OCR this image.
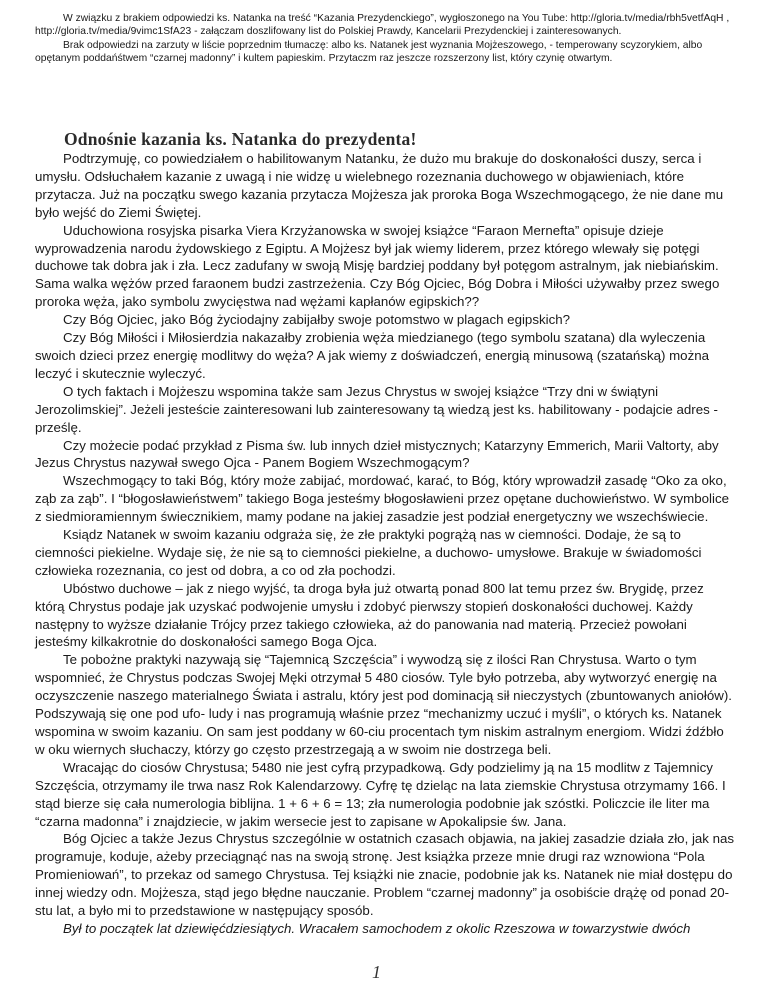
W związku z brakiem odpowiedzi ks. Natanka na treść “Kazania Prezydenckiego”, wygłoszonego na You Tube: http://gloria.tv/media/rbh5vetfAqH , http://gloria.tv/media/9vimc1SfA23 - załączam doszlifowany list do Polskiej Prawdy, Kancelarii Prezydenckiej i zainteresowanych.

Brak odpowiedzi na zarzuty w liście poprzednim tłumaczę: albo ks. Natanek jest wyznania Mojżeszowego, - temperowany scyzorykiem, albo opętanym poddańśtwem “czarnej madonny” i kultem papieskim. Przytaczm raz jeszcze rozszerzony list, który czynię otwartym.

Odnośnie kazania ks. Natanka do prezydenta!

Podtrzymuję, co powiedziałem o habilitowanym Natanku, że dużo mu brakuje do doskonałości duszy, serca i umysłu. Odsłuchałem kazanie z uwagą i nie widzę u wielebnego rozeznania duchowego w objawieniach, które przytacza. Już na początku swego kazania przytacza Mojżesza jak proroka Boga Wszechmogącego, że nie dane mu było wejść do Ziemi Świętej.

Uduchowiona rosyjska pisarka Viera Krzyżanowska w swojej książce “Faraon Mernefta” opisuje dzieje wyprowadzenia narodu żydowskiego z Egiptu. A Mojżesz był jak wiemy liderem, przez którego wlewały się potęgi duchowe tak dobra jak i zła. Lecz zadufany w swoją Misję bardziej poddany był potęgom astralnym, jak niebiańskim. Sama walka wężów przed faraonem budzi zastrzeżenia. Czy Bóg Ojciec, Bóg Dobra i Miłości używałby przez swego proroka węża, jako symbolu zwycięstwa nad wężami kapłanów egipskich??

Czy Bóg Ojciec, jako Bóg życiodajny zabijałby swoje potomstwo w plagach egipskich?

Czy Bóg Miłości i Miłosierdzia nakazałby zrobienia węża miedzianego (tego symbolu szatana) dla wyleczenia swoich dzieci przez energię modlitwy do węża? A jak wiemy z doświadczeń, energią minusową (szatańską) można leczyć i skutecznie wyleczyć.

O tych faktach i Mojżeszu wspomina także sam Jezus Chrystus w swojej książce “Trzy dni w świątyni Jerozolimskiej”. Jeżeli jesteście zainteresowani lub zainteresowany tą wiedzą jest ks. habilitowany - podajcie adres - prześlę.

Czy możecie podać przykład z Pisma św. lub innych dzieł mistycznych; Katarzyny Emmerich, Marii Valtorty, aby Jezus Chrystus nazywał swego Ojca - Panem Bogiem Wszechmogącym?

Wszechmogący to taki Bóg, który może zabijać, mordować, karać, to Bóg, który wprowadził zasadę “Oko za oko, ząb za ząb”. I “błogosławieństwem” takiego Boga jesteśmy błogosławieni przez opętane duchowieństwo. W symbolice z siedmioramiennym świecznikiem, mamy podane na jakiej zasadzie jest podział energetyczny we wszechświecie.

Ksiądz Natanek w swoim kazaniu odgraża się, że złe praktyki pogrążą nas w ciemności. Dodaje, że są to ciemności piekielne. Wydaje się, że nie są to ciemności piekielne, a duchowo- umysłowe. Brakuje w świadomości człowieka rozeznania, co jest od dobra, a co od zła pochodzi.

Ubóstwo duchowe – jak z niego wyjść, ta droga była już otwartą ponad 800 lat temu przez św. Brygidę, przez którą Chrystus podaje jak uzyskać podwojenie umysłu i zdobyć pierwszy stopień doskonałości duchowej. Każdy następny to wyższe działanie Trójcy przez takiego człowieka, aż do panowania nad materią. Przecież powołani jesteśmy kilkakrotnie do doskonałości samego Boga Ojca.

Te pobożne praktyki nazywają się “Tajemnicą Szczęścia” i wywodzą się z ilości Ran Chrystusa. Warto o tym wspomnieć, że Chrystus podczas Swojej Męki otrzymał 5 480 ciosów. Tyle było potrzeba, aby wytworzyć energię na oczyszczenie naszego materialnego Świata i astralu, który jest pod dominacją sił nieczystych (zbuntowanych aniołów). Podszywają się one pod ufo- ludy i nas programują właśnie przez “mechanizmy uczuć i myśli”, o których ks. Natanek wspomina w swoim kazaniu. On sam jest poddany w 60-ciu procentach tym niskim astralnym energiom. Widzi źdźbło w oku wiernych słuchaczy, którzy go często przestrzegają a w swoim nie dostrzega beli.

Wracając do ciosów Chrystusa; 5480 nie jest cyfrą przypadkową. Gdy podzielimy ją na 15 modlitw z Tajemnicy Szczęścia, otrzymamy ile trwa nasz Rok Kalendarzowy. Cyfrę tę dzieląc na lata ziemskie Chrystusa otrzymamy 166. I stąd bierze się cała numerologia biblijna. 1 + 6 + 6 = 13; zła numerologia podobnie jak szóstki. Policzcie ile liter ma “czarna madonna” i znajdziecie, w jakim wersecie jest to zapisane w Apokalipsie św. Jana.

Bóg Ojciec a także Jezus Chrystus szczególnie w ostatnich czasach objawia, na jakiej zasadzie działa zło, jak nas programuje, koduje, ażeby przeciągnąć nas na swoją stronę. Jest książka przeze mnie drugi raz wznowiona “Pola Promieniowań”, to przekaz od samego Chrystusa. Tej książki nie znacie, podobnie jak ks. Natanek nie miał dostępu do innej wiedzy odn. Mojżesza, stąd jego błędne nauczanie. Problem “czarnej madonny” ja osobiście drążę od ponad 20-stu lat, a było mi to przedstawione w następujący sposób.

Był to początek lat dziewięćdziesiątych. Wracałem samochodem z okolic Rzeszowa w towarzystwie dwóch

1
